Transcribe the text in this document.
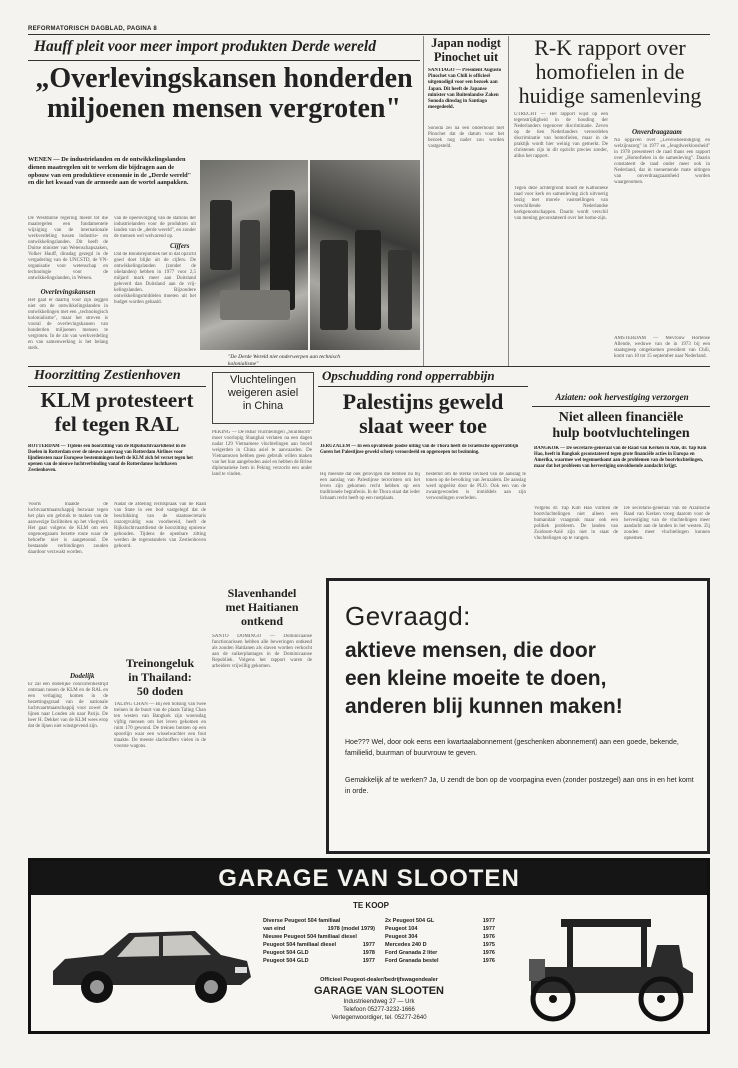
REFORMATORISCH DAGBLAD, PAGINA 8
Hauff pleit voor meer import produkten Derde wereld
„Overlevingskansen honderden
miljoenen mensen vergroten"
WENEN — De industrielanden en de ontwikkelingslanden dienen maatregelen uit te werken die bijdragen aan de opbouw van een produktieve economie in de „Derde wereld" en die het kwaad van de armoede aan de wortel aanpakken.
De Westduitse regering meent tot die maatregelen een fundamentele wijziging van de internationale werkverdeling tussen industrie- en ontwikkelingslanden. Dit heeft de Duitse minister van Wetenschapszaken, Volker Hauff, dinsdag gezegd in de vergadering van de UNCSTD, de VN-organisatie voor wetenschap en technologie voor de ontwikkelingslanden, in Wenen.
Overlevingskansen
Het gaat er daarbij voor zijn zeggen niet om de ontwikkelingslanden in ontwikkelingen met een „technologisch kolonialisme", maar het streven is vooral de overlevingskansen van honderden miljoenen mensen te vergroten. In de zin van werkverdeling en van samenwerking is het belang sterk.
van de opeenvolging van de stations der industrielanden voor de produkten uit landen van de „derde wereld", en zonder de mensen wel welvarend op.
Cijfers
Dat de Bondsrepubliek het in dat opzicht goed doet blijkt uit de cijfers. De ontwikkelingslanden (zonder de olielanden) hebben in 1977 voor 2,5 miljard mark meer aan Duitsland geleverd dan Duitsland aan de vrij-kelingslanden. Bijzondere ontwikkelingsmiddelen moeten uit het budget worden gehaald.
"De Derde Wereld niet onderwerpen aan technisch kolonialisme"
Japan nodigt Pinochet uit
SANTIAGO — President Augusto Pinochet van Chili is officieel uitgenodigd voor een bezoek aan Japan. Dit heeft de Japanse minister van Buitenlandse Zaken Sonoda dinsdag in Santiago meegedeeld.
Sonoda zei na een onderhoud met Pinochet dat de datum voor het bezoek nog nader zou worden vastgesteld.
R-K rapport over
homofielen in de
huidige samenleving
UTRECHT — Het rapport wijst op een tegenstrijdigheid in de houding der Nederlanders tegenover discriminatie. Zeven op de tien Nederlanders veroordelen discriminatie van homofielen, maar in de praktijk wordt hier weinig van gemerkt. De christenen zijn in dit opzicht precies zonder, aldus het rapport.
Tegen deze achtergrond houdt de Katholieke raad voor kerk en samenleving zich uitvoerig bezig met morele vaststellingen van verschillende Nederlandse kerkgenootschappen. Daarin wordt verschil van mening geconstateerd over het homo-zijn.
Onverdraagzaam
Na opgaven over „Levensbeëindiging en welzijnszorg" in 1977 en „Jeugdwerkloosheid" in 1978 presenteert de raad thans een rapport over „Homofielen in de samenleving". Daarin constateert de raad onder meer ook in Nederland, dat in toenemende mate uitingen van onverdraagzaamheid worden waargenomen.
AMSTERDAM — Mevrouw Hortense Allende, weduwe van de in 1973 bij een staatsgreep omgekomen president van Chili, komt van 10 tot 15 september naar Nederland.
Hoorzitting Zestienhoven
KLM protesteert
fel tegen RAL
ROTTERDAM — Tijdens een hoorzitting van de Rijksluchtvaartdienst in de Doelen in Rotterdam over de nieuwe aanvraag van Rotterdam Airlines voor lijndiensten naar Europese bestemmingen heeft de KLM zich fel verzet tegen het openen van de nieuwe luchtverbinding vanaf de Rotterdamse luchthaven Zestienhoven.
Voorts maakte de luchtvaartmaatschappij bezwaar tegen het plan om gebruik te maken van de aanwezige faciliteiten op het vliegveld. Het gaat volgens de KLM om een ongenoegzaam bezette route waar de behoefte niet is aangetoond. De bestaande verbindingen zouden daardoor verzwakt worden.
Dodelijk
Er zal een dodelijke concurrentiestrijd ontstaan tussen de KLM en de RAL en een verlaging komen in de bezettingsgraad van de nationale luchtvaartmaatschappij voor zowel de lijnen naar Londen als naar Parijs. De heer H. Dekker van de KLM wees erop dat de lijnen niet winstgevend zijn.
Nadat de afdeling rechtspraak van de Raad van State in een bod vastgelegd dat de beschikking van de staatssecretaris onzorgvuldig was voorbereid, heeft de Rijksluchtvaartdienst de hoorzitting opnieuw gehouden. Tijdens de openbare zitting werden de tegenstanders van Zestienhoven gehoord.
Vluchtelingen
weigeren asiel
in China
PEKING — De 8sbar vluchtelingen „Skulldsorb" moet voorlopig Shanghai verlaten na een dagen nadat 129 Vietnamese vluchtelingen aan boord weigerden in China asiel te aanvaarden. De Vietnamezen hebben geen gebruik willen maken van het hun aangeboden asiel en hebben de Britse diplomatieke bem in Peking verzocht een ander land te vinden.
Treinongeluk
in Thailand:
50 doden
TALING CHAN — Bij een botsing van twee treinen in de buurt van de plaats Taling Chan ten westen van Bangkok zijn woensdag vijftig mensen om het leven gekomen en ruim 170 gewond. De treinen botsten op een spoorlijn waar een wisselwachter een fout maakte. De meeste slachtoffers vielen in de voorste wagons.
Slavenhandel
met Haitianen
ontkend
SANTO DOMINGO — Dominicaanse functionarissen hebben alle beweringen ontkend als zouden Haitianen als slaven worden verkocht aan de suikerplantages in de Dominicaanse Republiek. Volgens het rapport waren de arbeiders vrijwillig gekomen.
Opschudding rond opperrabbijn
Palestijns geweld
slaat weer toe
JERUZALEM — In een opvallende joodse uiting van de Thora heeft de Israëlische opperrabbijn Goren het Palestijnse geweld scherp veroordeeld en opgeroepen tot bezinning.
Hij meende dat ook gelovigen die hebben nu bij een aanslag van Palestijnse terroristen om het leven zijn gekomen recht hebben op een traditionele begrafenis. In de Thora staat dat ieder lichaam recht heeft op een rustplaats.
bestemd om de sterke invloed van de aanslag te tonen op de bevolking van Jeruzalem. De aanslag werd opgeëist door de PLO. Ook een van de zwaargewonden is inmiddels aan zijn verwondingen overleden.
Aziaten: ook hervestiging verzorgen
Niet alleen financiële
hulp bootvluchtelingen
BANGKOK — De secretaris-generaal van de Raad van Kerken in Azië, dr. Yap Kim Hao, heeft in Bangkok geconstateerd tegen grote financiële acties in Europa en Amerika, waarmee wel tegemoetkomt aan de problemen van de bootvluchtelingen, maar dat het probleem van hervestiging onvoldoende aandacht krijgt.
Volgens dr. Yap Kim Hao vormen de bootvluchtelingen niet alleen een humanitair vraagstuk maar ook een politiek probleem. De landen van Zuidoost-Azië zijn niet in staat de vluchtelingen op te vangen.
De secretaris-generaal van de Aziatische Raad van Kerken vroeg daarom voor de hervestiging van de vluchtelingen meer aandacht aan de landen in het westen. Zij zouden meer vluchtelingen kunnen opnemen.
Gevraagd:
aktieve mensen, die door
een kleine moeite te doen,
anderen blij kunnen maken!
Hoe??? Wel, door ook eens een kwartaalabonnement (geschenken abonnement) aan een goede, bekende, familielid, buurman of buurvrouw te geven.
Gemakkelijk af te werken? Ja, U zendt de bon op de voorpagina even (zonder postzegel) aan ons in en het komt in orde.
GARAGE VAN SLOOTEN
TE KOOP
Diverse Peugeot 504 familiaal
van eind	1978 (model 1979)
Nieuwe Peugeot 504 familiaal diesel
Peugeot 504 familiaal diesel	1977
Peugeot 504 GLD	1978
Peugeot 504 GLD	1977
2x Peugeot 504 GL	1977
Peugeot 104	1977
Peugeot 304	1976
Mercedes 240 D	1975
Ford Granada 2 liter	1976
Ford Granada bestel	1976
Officieel Peugeot-dealer/bedrijfswagendealer
GARAGE VAN SLOOTEN
Industrieendweg 27 — Urk
Telefoon 05277-3232-1666
Vertegenwoordiger, tel. 05277-2640
